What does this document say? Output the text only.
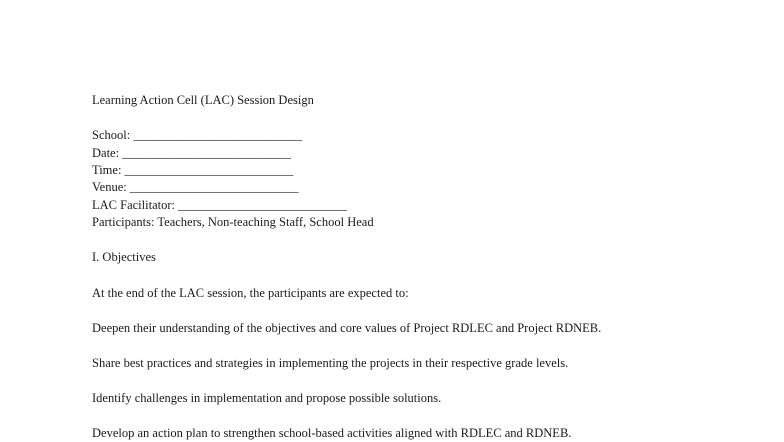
Learning Action Cell (LAC) Session Design
School: ___________________________
Date: ___________________________
Time: ___________________________
Venue: ___________________________
LAC Facilitator: ___________________________
Participants: Teachers, Non-teaching Staff, School Head
I. Objectives
At the end of the LAC session, the participants are expected to:
Deepen their understanding of the objectives and core values of Project RDLEC and Project RDNEB.
Share best practices and strategies in implementing the projects in their respective grade levels.
Identify challenges in implementation and propose possible solutions.
Develop an action plan to strengthen school-based activities aligned with RDLEC and RDNEB.
